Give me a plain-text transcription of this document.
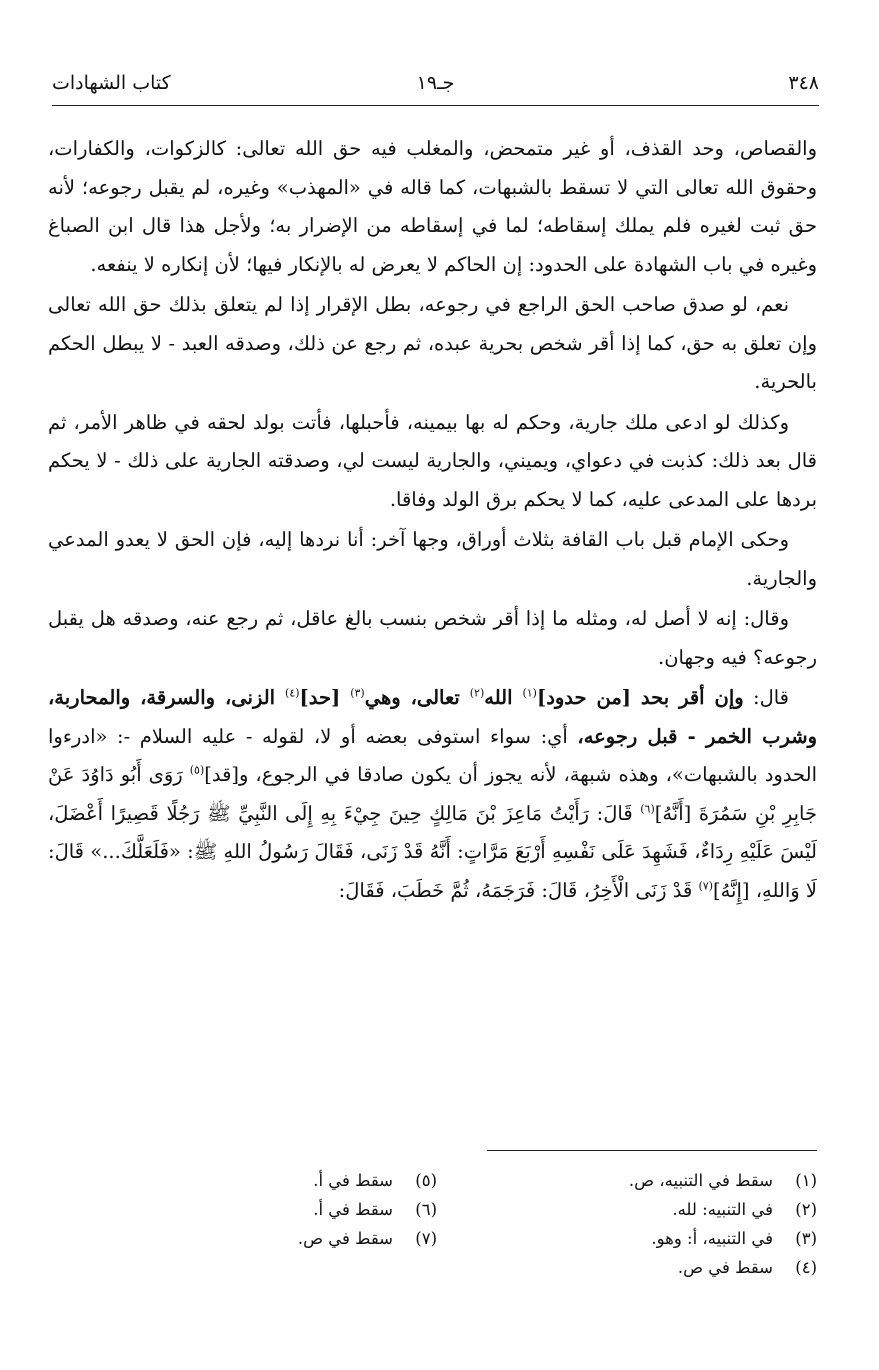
كتاب الشهادات	جـ١٩	٣٤٨

والقصاص، وحد القذف، أو غير متمحض، والمغلب فيه حق الله تعالى: كالزكوات، والكفارات، وحقوق الله تعالى التي لا تسقط بالشبهات، كما قاله في «المهذب» وغيره، لم يقبل رجوعه؛ لأنه حق ثبت لغيره فلم يملك إسقاطه؛ لما في إسقاطه من الإضرار به؛ ولأجل هذا قال ابن الصباغ وغيره في باب الشهادة على الحدود: إن الحاكم لا يعرض له بالإنكار فيها؛ لأن إنكاره لا ينفعه.

نعم، لو صدق صاحب الحق الراجع في رجوعه، بطل الإقرار إذا لم يتعلق بذلك حق الله تعالى وإن تعلق به حق، كما إذا أقر شخص بحرية عبده، ثم رجع عن ذلك، وصدقه العبد - لا يبطل الحكم بالحرية.

وكذلك لو ادعى ملك جارية، وحكم له بها بيمينه، فأحبلها، فأتت بولد لحقه في ظاهر الأمر، ثم قال بعد ذلك: كذبت في دعواي، ويميني، والجارية ليست لي، وصدقته الجارية على ذلك - لا يحكم بردها على المدعى عليه، كما لا يحكم برق الولد وفاقا.

وحكى الإمام قبل باب القافة بثلاث أوراق، وجها آخر: أنا نردها إليه، فإن الحق لا يعدو المدعي والجارية.

وقال: إنه لا أصل له، ومثله ما إذا أقر شخص بنسب بالغ عاقل، ثم رجع عنه، وصدقه هل يقبل رجوعه؟ فيه وجهان.

قال: وإن أقر بحد [من حدود]$^{(١)}$ الله$^{(٢)}$ تعالى، وهي$^{(٣)}$ [حد]$^{(٤)}$ الزنى، والسرقة، والمحاربة، وشرب الخمر - قبل رجوعه، أي: سواء استوفى بعضه أو لا، لقوله - عليه السلام -: «ادرءوا الحدود بالشبهات»، وهذه شبهة، لأنه يجوز أن يكون صادقا في الرجوع، و[قد]$^{(٥)}$ رَوَى أَبُو دَاوُدَ عَنْ جَابِرِ بْنِ سَمُرَةَ [أَنَّهُ]$^{(٦)}$ قَالَ: رَأَيْتُ مَاعِزَ بْنَ مَالِكٍ حِينَ جِيْءَ بِهِ إِلَى النَّبِيِّ ﷺ رَجُلًا قَصِيرًا أَعْضَلَ، لَيْسَ عَلَيْهِ رِدَاءٌ، فَشَهِدَ عَلَى نَفْسِهِ أَرْبَعَ مَرَّاتٍ: أَنَّهُ قَدْ زَنَى، فَقَالَ رَسُولُ اللهِ ﷺ: «فَلَعَلَّكَ...» قَالَ: لَا وَاللهِ، [إِنَّهُ]$^{(٧)}$ قَدْ زَنَى الْأَخِرُ، قَالَ: فَرَجَمَهُ، ثُمَّ خَطَبَ، فَقَالَ:

(١)سقط في التنبيه، ص.
(٢)في التنبيه: لله.
(٣)في التنبيه، أ: وهو.
(٤)سقط في ص.
(٥)سقط في أ.
(٦)سقط في أ.
(٧)سقط في ص.
